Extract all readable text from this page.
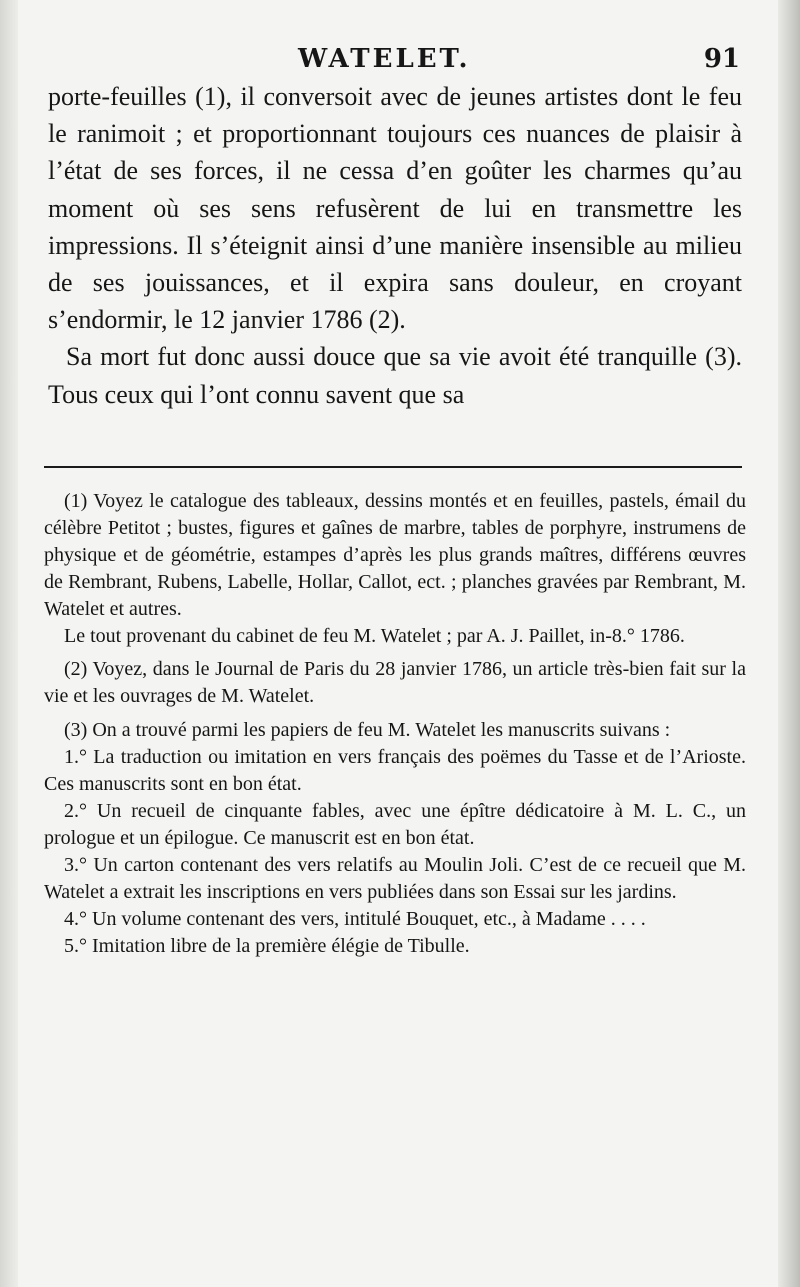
WATELET.	91

porte-feuilles (1), il conversoit avec de jeunes artistes dont le feu le ranimoit ; et proportionnant toujours ces nuances de plaisir à l’état de ses forces, il ne cessa d’en goûter les charmes qu’au moment où ses sens refusèrent de lui en transmettre les impressions. Il s’éteignit ainsi d’une manière insensible au milieu de ses jouissances, et il expira sans douleur, en croyant s’endormir, le 12 janvier 1786 (2).

Sa mort fut donc aussi douce que sa vie avoit été tranquille (3). Tous ceux qui l’ont connu savent que sa

(1) Voyez le catalogue des tableaux, dessins montés et en feuilles, pastels, émail du célèbre Petitot ; bustes, figures et gaînes de marbre, tables de porphyre, instrumens de physique et de géométrie, estampes d’après les plus grands maîtres, différens œuvres de Rembrant, Rubens, Labelle, Hollar, Callot, ect. ; planches gravées par Rembrant, M. Watelet et autres.

Le tout provenant du cabinet de feu M. Watelet ; par A. J. Paillet, in-8.° 1786.

(2) Voyez, dans le Journal de Paris du 28 janvier 1786, un article très-bien fait sur la vie et les ouvrages de M. Watelet.

(3) On a trouvé parmi les papiers de feu M. Watelet les manuscrits suivans :

1.° La traduction ou imitation en vers français des poëmes du Tasse et de l’Arioste. Ces manuscrits sont en bon état.

2.° Un recueil de cinquante fables, avec une épître dédicatoire à M. L. C., un prologue et un épilogue. Ce manuscrit est en bon état.

3.° Un carton contenant des vers relatifs au Moulin Joli. C’est de ce recueil que M. Watelet a extrait les inscriptions en vers publiées dans son Essai sur les jardins.

4.° Un volume contenant des vers, intitulé Bouquet, etc., à Madame . . . .

5.° Imitation libre de la première élégie de Tibulle.
